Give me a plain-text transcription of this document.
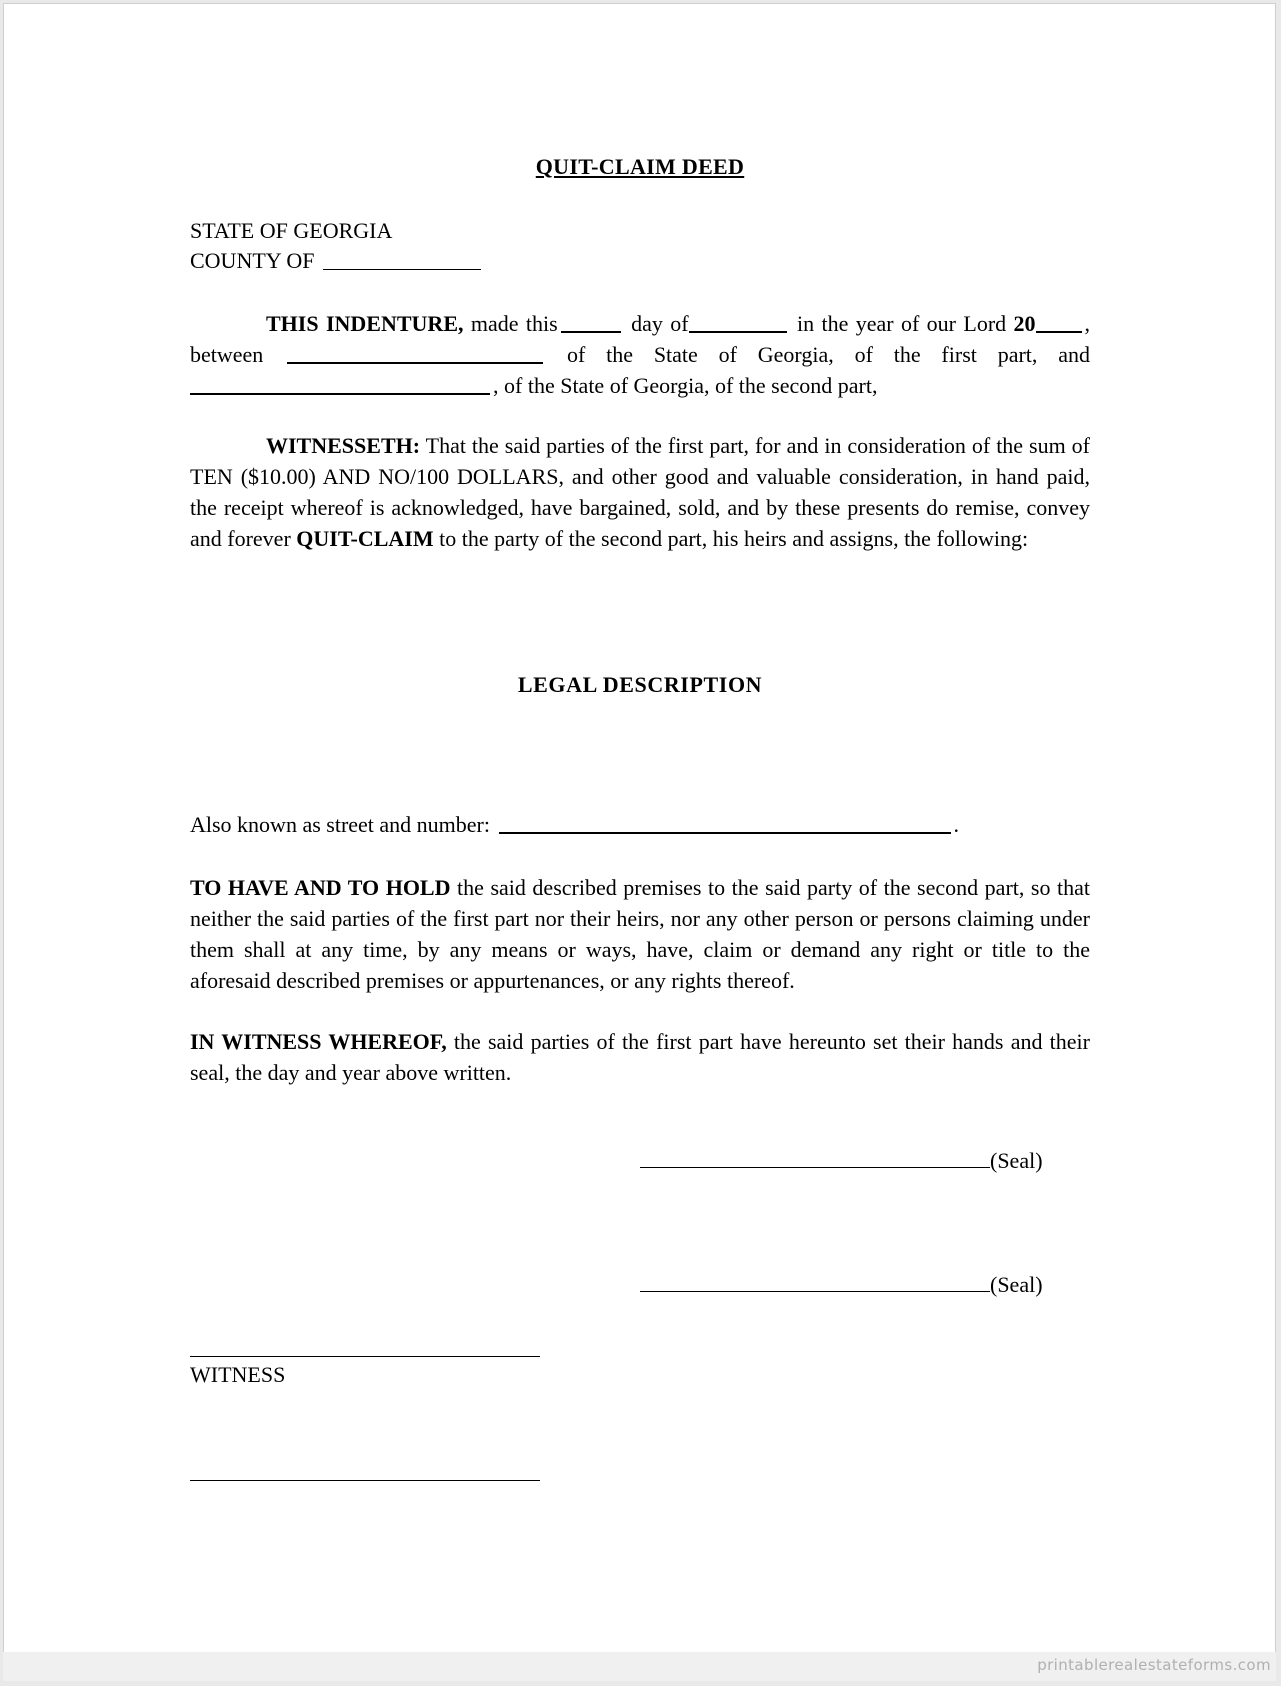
QUIT-CLAIM DEED
STATE OF GEORGIA
COUNTY OF
THIS INDENTURE, made this	day of	in the year of our Lord 20 , between	of the State of Georgia, of the first part, and , of the State of Georgia, of the second part,
WITNESSETH: That the said parties of the first part, for and in consideration of the sum of TEN ($10.00) AND NO/100 DOLLARS, and other good and valuable consideration, in hand paid, the receipt whereof is acknowledged, have bargained, sold, and by these presents do remise, convey and forever QUIT-CLAIM to the party of the second part, his heirs and assigns, the following:
LEGAL DESCRIPTION
Also known as street and number:	.
TO HAVE AND TO HOLD the said described premises to the said party of the second part, so that neither the said parties of the first part nor their heirs, nor any other person or persons claiming under them shall at any time, by any means or ways, have, claim or demand any right or title to the aforesaid described premises or appurtenances, or any rights thereof.
IN WITNESS WHEREOF, the said parties of the first part have hereunto set their hands and their seal, the day and year above written.
(Seal)
(Seal)
WITNESS
printablerealestateforms.com
